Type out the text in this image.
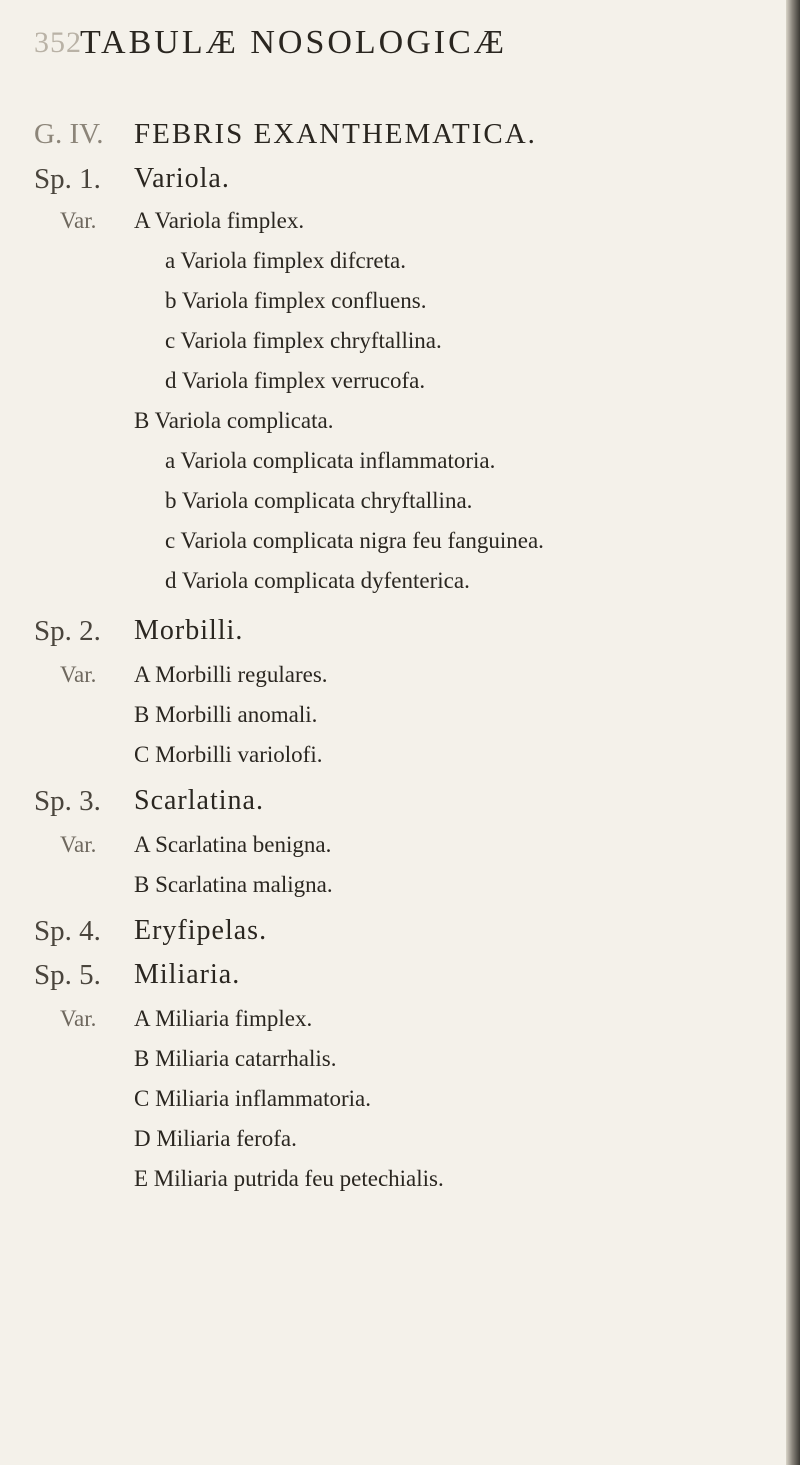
352
TABULÆ NOSOLOGICÆ
G. IV. FEBRIS EXANTHEMATICA.
Sp. 1. Variola.
Var. A Variola fimplex.
a Variola fimplex difcreta.
b Variola fimplex confluens.
c Variola fimplex chryftallina.
d Variola fimplex verrucofa.
B Variola complicata.
a Variola complicata inflammatoria.
b Variola complicata chryftallina.
c Variola complicata nigra feu fanguinea.
d Variola complicata dyfenterica.
Sp. 2. Morbilli.
Var. A Morbilli regulares.
B Morbilli anomali.
C Morbilli variolofi.
Sp. 3. Scarlatina.
Var. A Scarlatina benigna.
B Scarlatina maligna.
Sp. 4. Eryfipelas.
Sp. 5. Miliaria.
Var. A Miliaria fimplex.
B Miliaria catarrhalis.
C Miliaria inflammatoria.
D Miliaria ferofa.
E Miliaria putrida feu petechialis.
